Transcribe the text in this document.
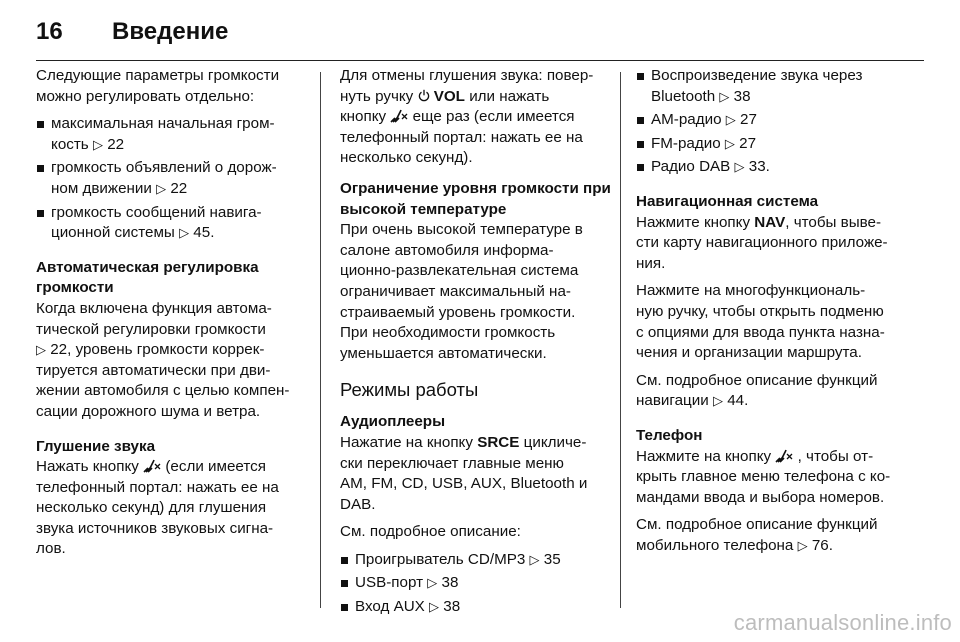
16	Введение

Следующие параметры громкости
можно регулировать отдельно:

максимальная начальная гром-
кость ▷ 22
громкость объявлений о дорож-
ном движении ▷ 22
громкость сообщений навига-
ционной системы ▷ 45.

Автоматическая регулировка
громкости

Когда включена функция автома-
тической регулировки громкости
▷ 22, уровень громкости коррек-
тируется автоматически при дви-
жении автомобиля с целью компен-
сации дорожного шума и ветра.

Глушение звука

Нажать кнопку (если имеется
телефонный портал: нажать ее на
несколько секунд) для глушения
звука источников звуковых сигна-
лов.

Для отмены глушения звука: повер-
нуть ручку VOL или нажать
кнопку еще раз (если имеется
телефонный портал: нажать ее на
несколько секунд).

Ограничение уровня громкости при
высокой температуре

При очень высокой температуре в
салоне автомобиля информа-
ционно-развлекательная система
ограничивает максимальный на-
страиваемый уровень громкости.
При необходимости громкость
уменьшается автоматически.

Режимы работы

Аудиоплееры

Нажатие на кнопку SRCE цикличе-
ски переключает главные меню
AM, FM, CD, USB, AUX, Bluetooth и
DAB.

См. подробное описание:

Проигрыватель CD/MP3 ▷ 35
USB-порт ▷ 38
Вход AUX ▷ 38
Воспроизведение звука через
Bluetooth ▷ 38
АМ-радио ▷ 27
FM-радио ▷ 27
Радио DAB ▷ 33.

Навигационная система

Нажмите кнопку NAV, чтобы выве-
сти карту навигационного приложе-
ния.

Нажмите на многофункциональ-
ную ручку, чтобы открыть подменю
с опциями для ввода пункта назна-
чения и организации маршрута.

См. подробное описание функций
навигации ▷ 44.

Телефон

Нажмите на кнопку , чтобы от-
крыть главное меню телефона с ко-
мандами ввода и выбора номеров.

См. подробное описание функций
мобильного телефона ▷ 76.

carmanualsonline.info
